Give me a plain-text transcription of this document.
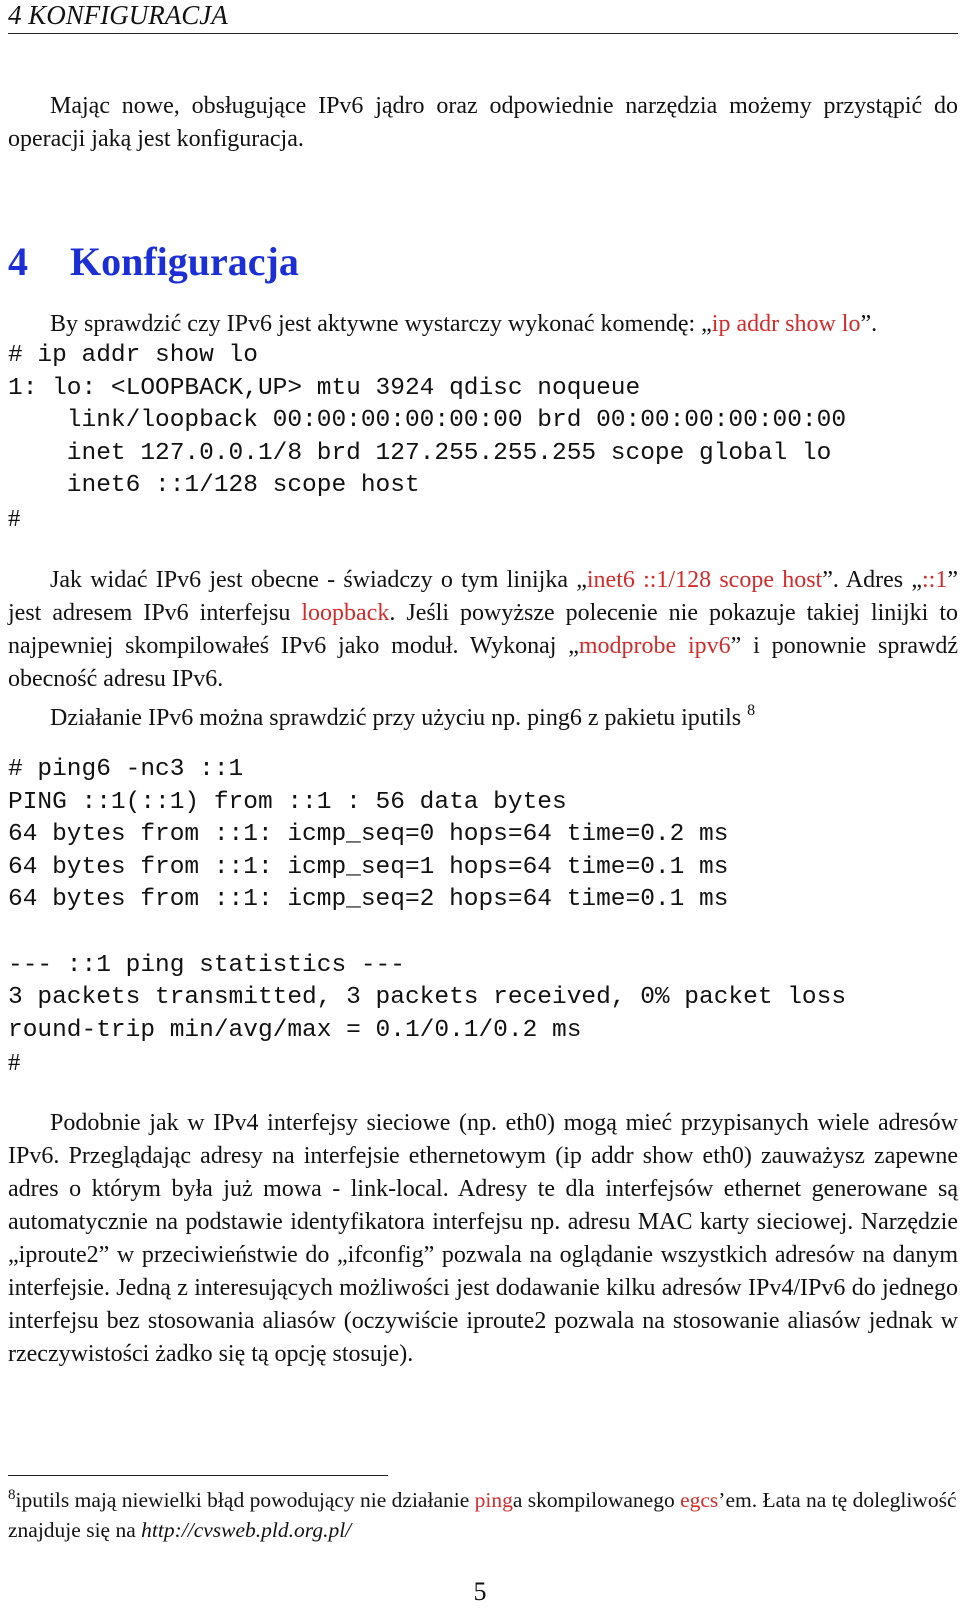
4 KONFIGURACJA

Mając nowe, obsługujące IPv6 jądro oraz odpowiednie narzędzia możemy przystąpić do operacji jaką jest konfiguracja.

4 Konfiguracja

By sprawdzić czy IPv6 jest aktywne wystarczy wykonać komendę: „ip addr show lo”.

# ip addr show lo
1: lo: <LOOPBACK,UP> mtu 3924 qdisc noqueue
link/loopback 00:00:00:00:00:00 brd 00:00:00:00:00:00
inet 127.0.0.1/8 brd 127.255.255.255 scope global lo
inet6 ::1/128 scope host
#

Jak widać IPv6 jest obecne - świadczy o tym linijka „inet6 ::1/128 scope host”. Adres „::1” jest adresem IPv6 interfejsu loopback. Jeśli powyższe polecenie nie pokazuje takiej linijki to najpewniej skompilowałeś IPv6 jako moduł. Wykonaj „modprobe ipv6” i ponownie sprawdź obecność adresu IPv6.

Działanie IPv6 można sprawdzić przy użyciu np. ping6 z pakietu iputils $^8$

# ping6 -nc3 ::1
PING ::1(::1) from ::1 : 56 data bytes
64 bytes from ::1: icmp_seq=0 hops=64 time=0.2 ms
64 bytes from ::1: icmp_seq=1 hops=64 time=0.1 ms
64 bytes from ::1: icmp_seq=2 hops=64 time=0.1 ms

--- ::1 ping statistics ---
3 packets transmitted, 3 packets received, 0% packet loss
round-trip min/avg/max = 0.1/0.1/0.2 ms
#

Podobnie jak w IPv4 interfejsy sieciowe (np. eth0) mogą mieć przypisanych wiele adresów IPv6. Przeglądając adresy na interfejsie ethernetowym (ip addr show eth0) zauważysz zapewne adres o którym była już mowa - link-local. Adresy te dla interfejsów ethernet generowane są automatycznie na podstawie identyfikatora interfejsu np. adresu MAC karty sieciowej. Narzędzie „iproute2” w przeciwieństwie do „ifconfig” pozwala na oglądanie wszystkich adresów na danym interfejsie. Jedną z interesujących możliwości jest dodawanie kilku adresów IPv4/IPv6 do jednego interfejsu bez stosowania aliasów (oczywiście iproute2 pozwala na stosowanie aliasów jednak w rzeczywistości żadko się tą opcję stosuje).

$^8$iputils mają niewielki błąd powodujący nie działanie pinga skompilowanego egcs’em. Łata na tę dolegliwość znajduje się na http://cvsweb.pld.org.pl/
5
